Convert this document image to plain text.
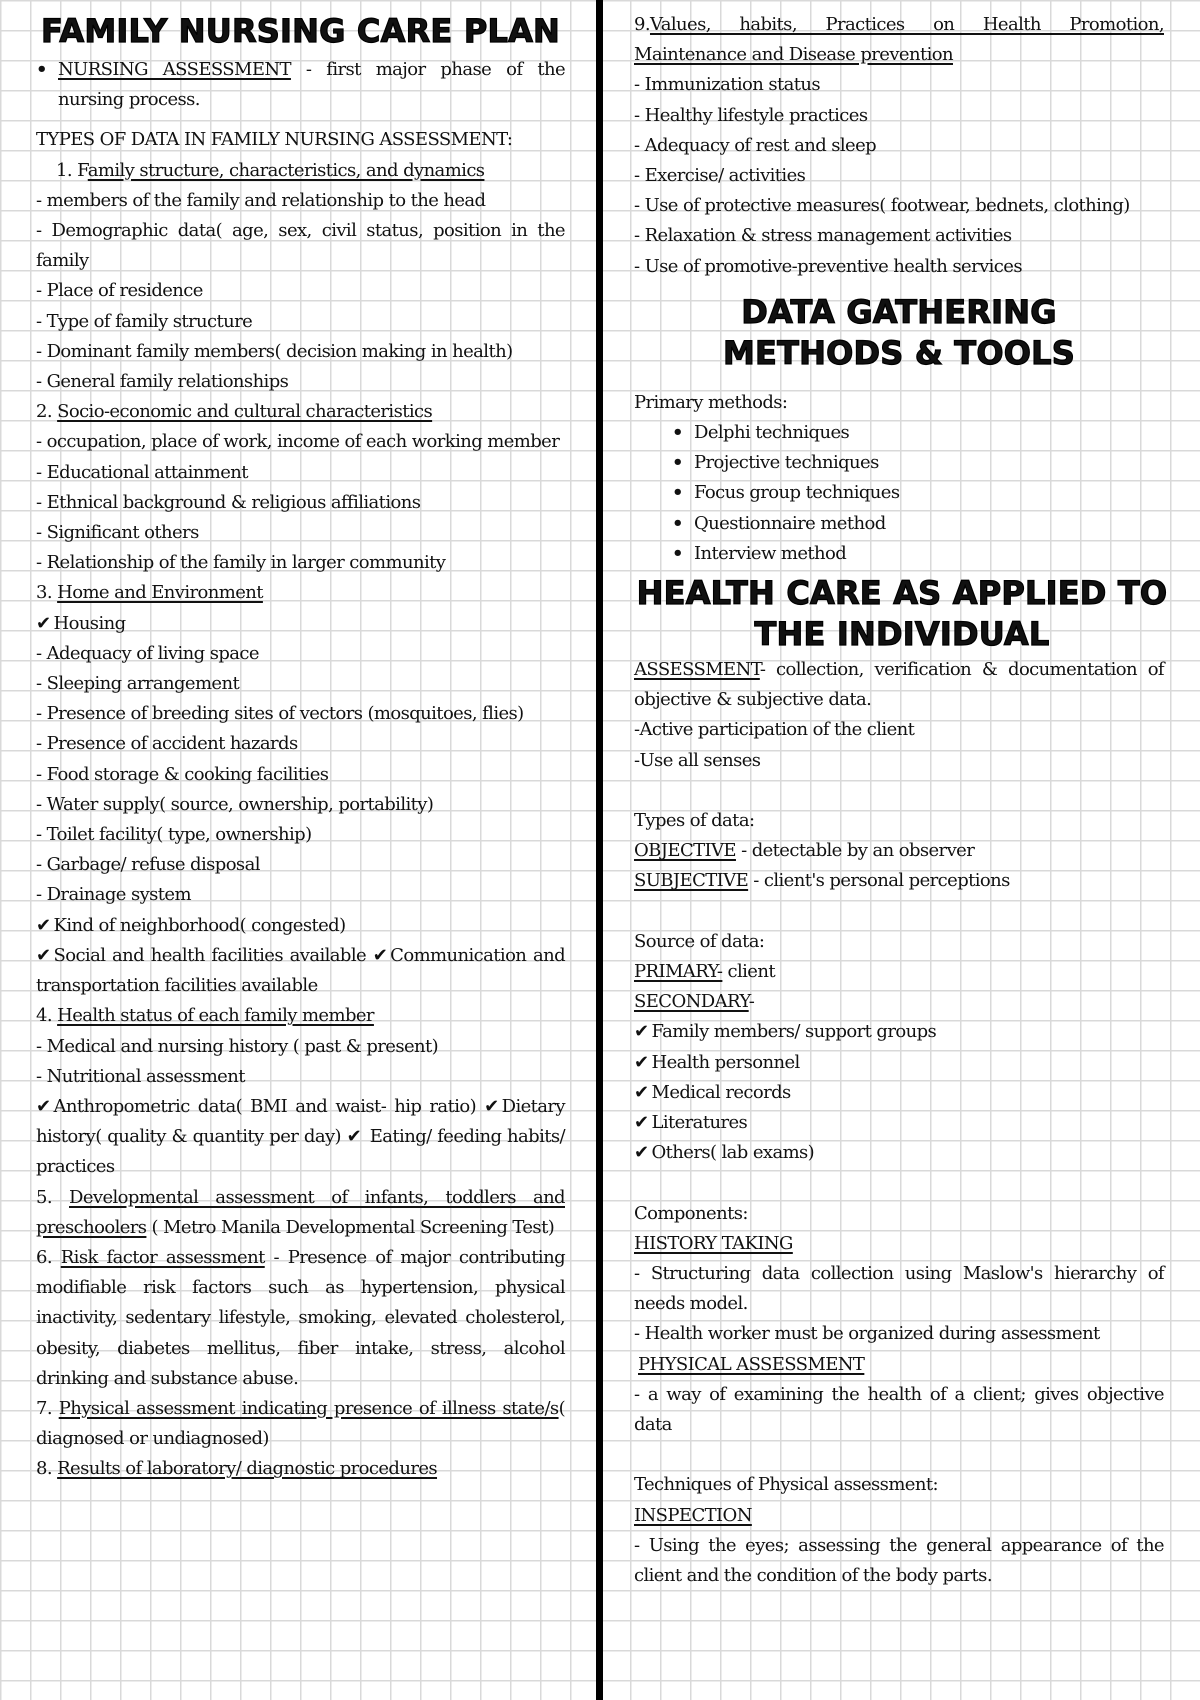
FAMILY NURSING CARE PLAN
• NURSING ASSESSMENT - first major phase of the nursing process.
TYPES OF DATA IN FAMILY NURSING ASSESSMENT:
1. Family structure, characteristics, and dynamics
- members of the family and relationship to the head
- Demographic data( age, sex, civil status, position in the family
- Place of residence
- Type of family structure
- Dominant family members( decision making in health)
- General family relationships
2. Socio-economic and cultural characteristics
- occupation, place of work, income of each working member
- Educational attainment
- Ethnical background & religious affiliations
- Significant others
- Relationship of the family in larger community
3. Home and Environment
✔ Housing
- Adequacy of living space
- Sleeping arrangement
- Presence of breeding sites of vectors (mosquitoes, flies)
- Presence of accident hazards
- Food storage & cooking facilities
- Water supply( source, ownership, portability)
- Toilet facility( type, ownership)
- Garbage/ refuse disposal
- Drainage system
✔ Kind of neighborhood( congested)
✔ Social and health facilities available ✔ Communication and transportation facilities available
4. Health status of each family member
- Medical and nursing history ( past & present)
- Nutritional assessment
✔ Anthropometric data( BMI and waist- hip ratio) ✔ Dietary history( quality & quantity per day) ✔ Eating/ feeding habits/ practices
5. Developmental assessment of infants, toddlers and preschoolers ( Metro Manila Developmental Screening Test)
6. Risk factor assessment - Presence of major contributing modifiable risk factors such as hypertension, physical inactivity, sedentary lifestyle, smoking, elevated cholesterol, obesity, diabetes mellitus, fiber intake, stress, alcohol drinking and substance abuse.
7. Physical assessment indicating presence of illness state/s( diagnosed or undiagnosed)
8. Results of laboratory/ diagnostic procedures
9.Values, habits, Practices on Health Promotion, Maintenance and Disease prevention
- Immunization status
- Healthy lifestyle practices
- Adequacy of rest and sleep
- Exercise/ activities
- Use of protective measures( footwear, bednets, clothing)
- Relaxation & stress management activities
- Use of promotive-preventive health services
DATA GATHERING METHODS & TOOLS
Primary methods:
• Delphi techniques
• Projective techniques
• Focus group techniques
• Questionnaire method
• Interview method
HEALTH CARE AS APPLIED TO THE INDIVIDUAL
ASSESSMENT- collection, verification & documentation of objective & subjective data.
-Active participation of the client
-Use all senses
Types of data:
OBJECTIVE - detectable by an observer
SUBJECTIVE - client's personal perceptions
Source of data:
PRIMARY- client
SECONDARY-
✔ Family members/ support groups
✔ Health personnel
✔ Medical records
✔ Literatures
✔ Others( lab exams)
Components:
HISTORY TAKING
- Structuring data collection using Maslow's hierarchy of needs model.
- Health worker must be organized during assessment
PHYSICAL ASSESSMENT
- a way of examining the health of a client; gives objective data
Techniques of Physical assessment:
INSPECTION
- Using the eyes; assessing the general appearance of the client and the condition of the body parts.
